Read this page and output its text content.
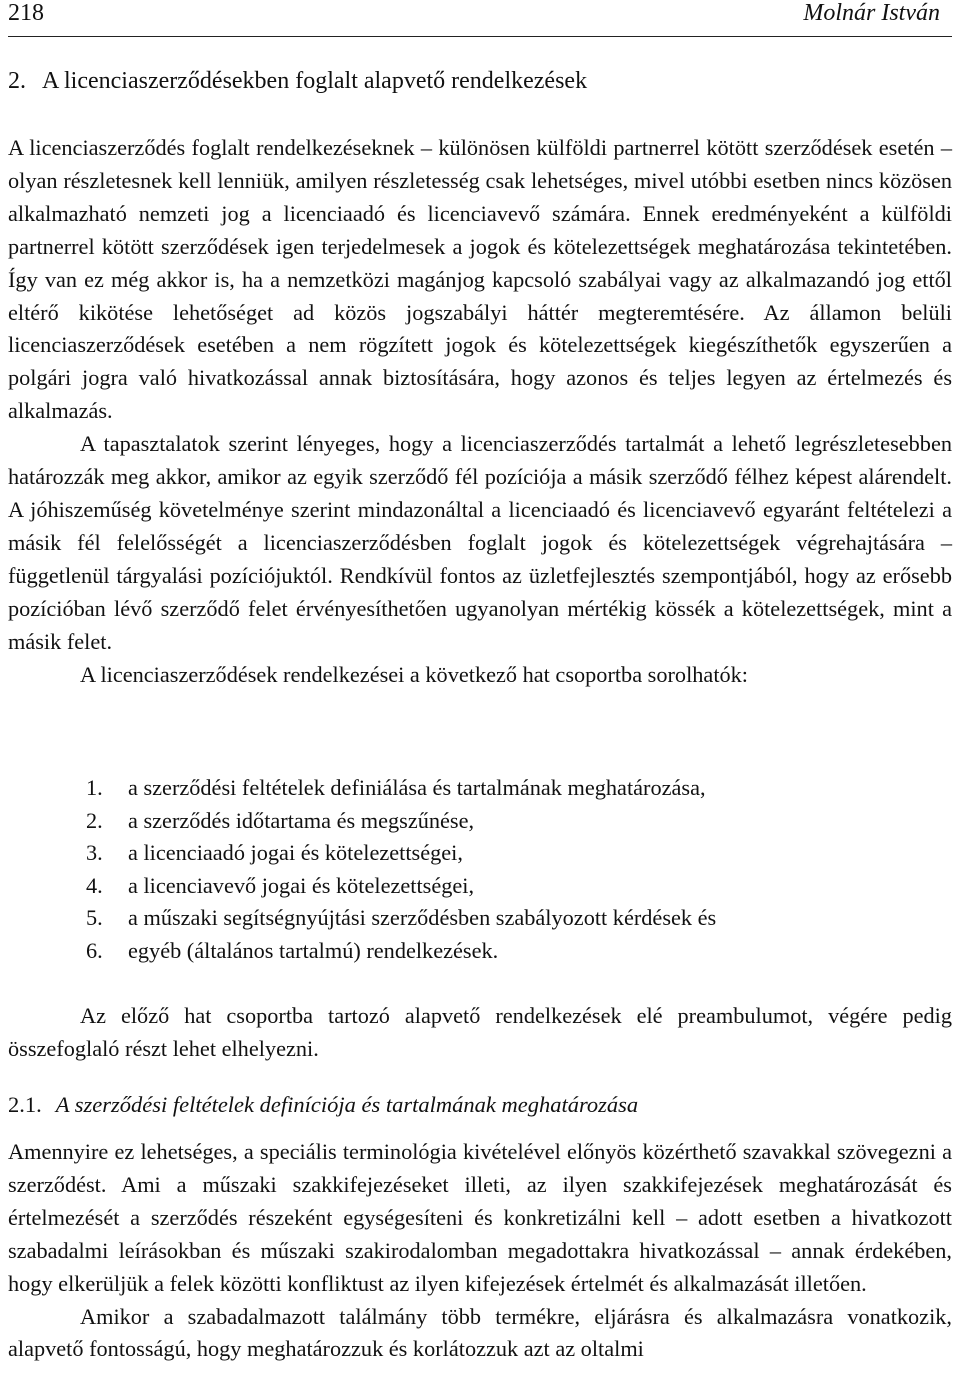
218	Molnár István
2. A licenciaszerződésekben foglalt alapvető rendelkezések

A licenciaszerződés foglalt rendelkezéseknek – különösen külföldi partnerrel kötött szerződések esetén – olyan részletesnek kell lenniük, amilyen részletesség csak lehetséges, mivel utóbbi esetben nincs közösen alkalmazható nemzeti jog a licenciaadó és licenciavevő számára. Ennek eredményeként a külföldi partnerrel kötött szerződések igen terjedelmesek a jogok és kötelezettségek meghatározása tekintetében. Így van ez még akkor is, ha a nemzetközi magánjog kapcsoló szabályai vagy az alkalmazandó jog ettől eltérő kikötése lehetőséget ad közös jogszabályi háttér megteremtésére. Az államon belüli licenciaszerződések esetében a nem rögzített jogok és kötelezettségek kiegészíthetők egyszerűen a polgári jogra való hivatkozással annak biztosítására, hogy azonos és teljes legyen az értelmezés és alkalmazás.

A tapasztalatok szerint lényeges, hogy a licenciaszerződés tartalmát a lehető legrészletesebben határozzák meg akkor, amikor az egyik szerződő fél pozíciója a másik szerződő félhez képest alárendelt. A jóhiszeműség követelménye szerint mindazonáltal a licenciaadó és licenciavevő egyaránt feltételezi a másik fél felelősségét a licenciaszerződésben foglalt jogok és kötelezettségek végrehajtására – függetlenül tárgyalási pozíciójuktól. Rendkívül fontos az üzletfejlesztés szempontjából, hogy az erősebb pozícióban lévő szerződő felet érvényesíthetően ugyanolyan mértékig kössék a kötelezettségek, mint a másik felet.

A licenciaszerződések rendelkezései a következő hat csoportba sorolhatók:

1. a szerződési feltételek definiálása és tartalmának meghatározása,
2. a szerződés időtartama és megszűnése,
3. a licenciaadó jogai és kötelezettségei,
4. a licenciavevő jogai és kötelezettségei,
5. a műszaki segítségnyújtási szerződésben szabályozott kérdések és
6. egyéb (általános tartalmú) rendelkezések.

Az előző hat csoportba tartozó alapvető rendelkezések elé preambulumot, végére pedig összefoglaló részt lehet elhelyezni.

2.1. A szerződési feltételek definíciója és tartalmának meghatározása

Amennyire ez lehetséges, a speciális terminológia kivételével előnyös közérthető szavakkal szövegezni a szerződést. Ami a műszaki szakkifejezéseket illeti, az ilyen szakkifejezések meghatározását és értelmezését a szerződés részeként egységesíteni és konkretizálni kell – adott esetben a hivatkozott szabadalmi leírásokban és műszaki szakirodalomban megadottakra hivatkozással – annak érdekében, hogy elkerüljük a felek közötti konfliktust az ilyen kifejezések értelmét és alkalmazását illetően.

Amikor a szabadalmazott találmány több termékre, eljárásra és alkalmazásra vonatkozik, alapvető fontosságú, hogy meghatározzuk és korlátozzuk azt az oltalmi
